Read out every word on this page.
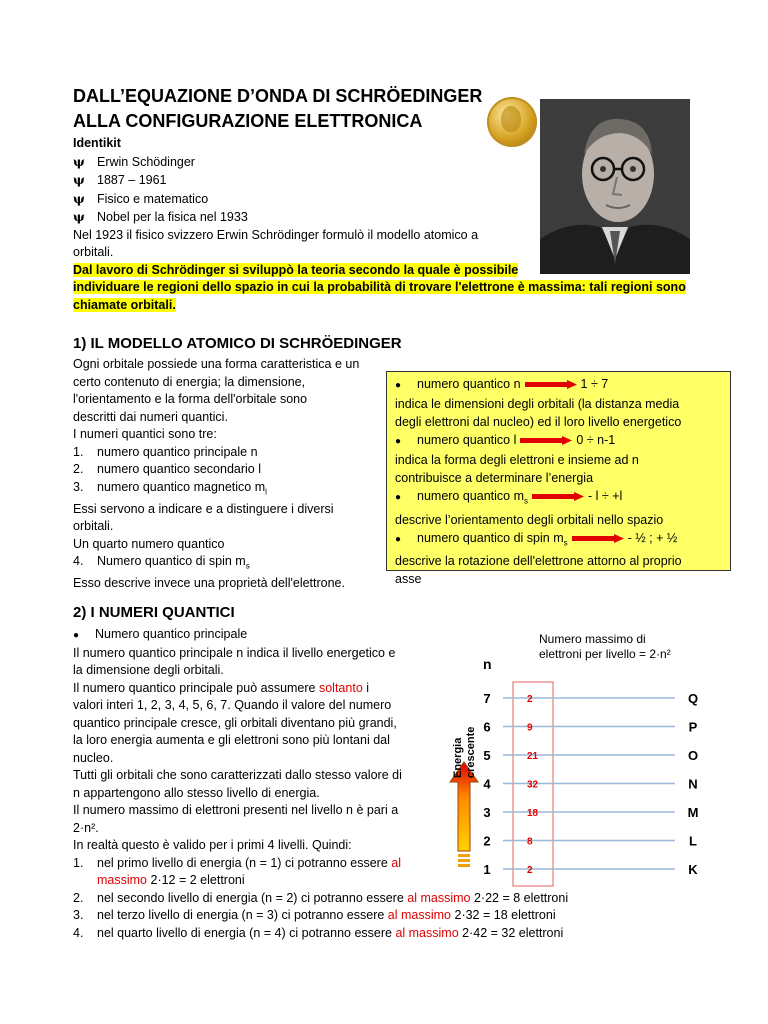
DALL’EQUAZIONE D’ONDA DI SCHRÖEDINGER
ALLA CONFIGURAZIONE ELETTRONICA
Identikit
ψ Erwin Schödinger
ψ 1887 – 1961
ψ Fisico e matematico
ψ Nobel per la fisica nel 1933
Nel 1923 il fisico svizzero Erwin Schrödinger formulò il modello atomico a
orbitali.
Dal lavoro di Schrödinger si sviluppò la teoria secondo la quale è possibile
individuare le regioni dello spazio in cui la probabilità di trovare l'elettrone è massima: tali regioni sono
chiamate orbitali.
1) IL MODELLO ATOMICO DI SCHRÖEDINGER
Ogni orbitale possiede una forma caratteristica e un
certo contenuto di energia; la dimensione,
l'orientamento e la forma dell'orbitale sono
descritti dai numeri quantici.
I numeri quantici sono tre:
1. numero quantico principale n
2. numero quantico secondario l
3. numero quantico magnetico $m_l$
Essi servono a indicare e a distinguere i diversi
orbitali.
Un quarto numero quantico
4. Numero quantico di spin $m_s$
Esso descrive invece una proprietà dell'elettrone.
● numero quantico n	1 ÷ 7
indica le dimensioni degli orbitali (la distanza media
degli elettroni dal nucleo) ed il loro livello energetico
● numero quantico l	0 ÷ n-1
indica la forma degli elettroni e insieme ad n
contribuisce a determinare l’energia
● numero quantico $m_s$	- l ÷ +l
descrive l’orientamento degli orbitali nello spazio
● numero quantico di spin $m_s$	- ½ ; + ½
descrive la rotazione dell'elettrone attorno al proprio
asse
2) I NUMERI QUANTICI
● Numero quantico principale
Il numero quantico principale n indica il livello energetico e
la dimensione degli orbitali.
Il numero quantico principale può assumere soltanto i
valori interi 1, 2, 3, 4, 5, 6, 7. Quando il valore del numero
quantico principale cresce, gli orbitali diventano più grandi,
la loro energia aumenta e gli elettroni sono più lontani dal
nucleo.
Tutti gli orbitali che sono caratterizzati dallo stesso valore di
n appartengono allo stesso livello di energia.
Il numero massimo di elettroni presenti nel livello n è pari a
2·n².
In realtà questo è valido per i primi 4 livelli. Quindi:
1. nel primo livello di energia (n = 1) ci potranno essere al
massimo 2·12 = 2 elettroni
2. nel secondo livello di energia (n = 2) ci potranno essere al massimo 2·22 = 8 elettroni
3. nel terzo livello di energia (n = 3) ci potranno essere al massimo 2·32 = 18 elettroni
4. nel quarto livello di energia (n = 4) ci potranno essere al massimo 2·42 = 32 elettroni
Numero massimo di
elettroni per livello = 2·n²
n
7	2	Q
6	9	P
5	21	O
4	32	N
3	18	M
2	8	L
1	2	K
Energia crescente
